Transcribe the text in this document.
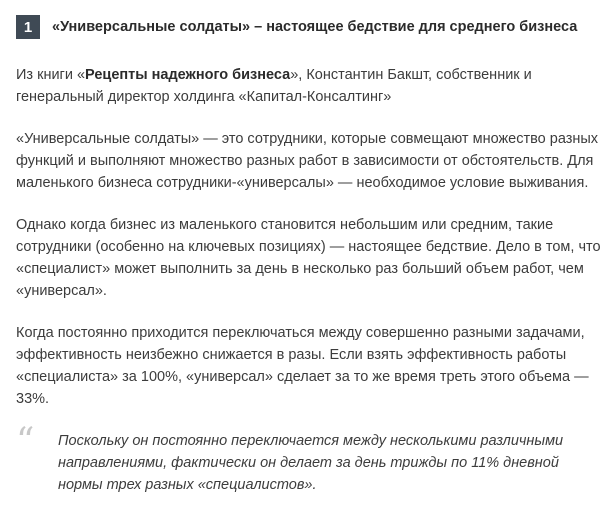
1	«Универсальные солдаты» – настоящее бедствие для среднего бизнеса

Из книги «Рецепты надежного бизнеса», Константин Бакшт, собственник и генеральный директор холдинга «Капитал-Консалтинг»

«Универсальные солдаты» — это сотрудники, которые совмещают множество разных функций и выполняют множество разных работ в зависимости от обстоятельств. Для маленького бизнеса сотрудники-«универсалы» — необходимое условие выживания.

Однако когда бизнес из маленького становится небольшим или средним, такие сотрудники (особенно на ключевых позициях) — настоящее бедствие. Дело в том, что «специалист» может выполнить за день в несколько раз больший объем работ, чем «универсал».

Когда постоянно приходится переключаться между совершенно разными задачами, эффективность неизбежно снижается в разы. Если взять эффективность работы «специалиста» за 100%, «универсал» сделает за то же время треть этого объема — 33%.

“ Поскольку он постоянно переключается между несколькими различными направлениями, фактически он делает за день трижды по 11% дневной нормы трех разных «специалистов».
